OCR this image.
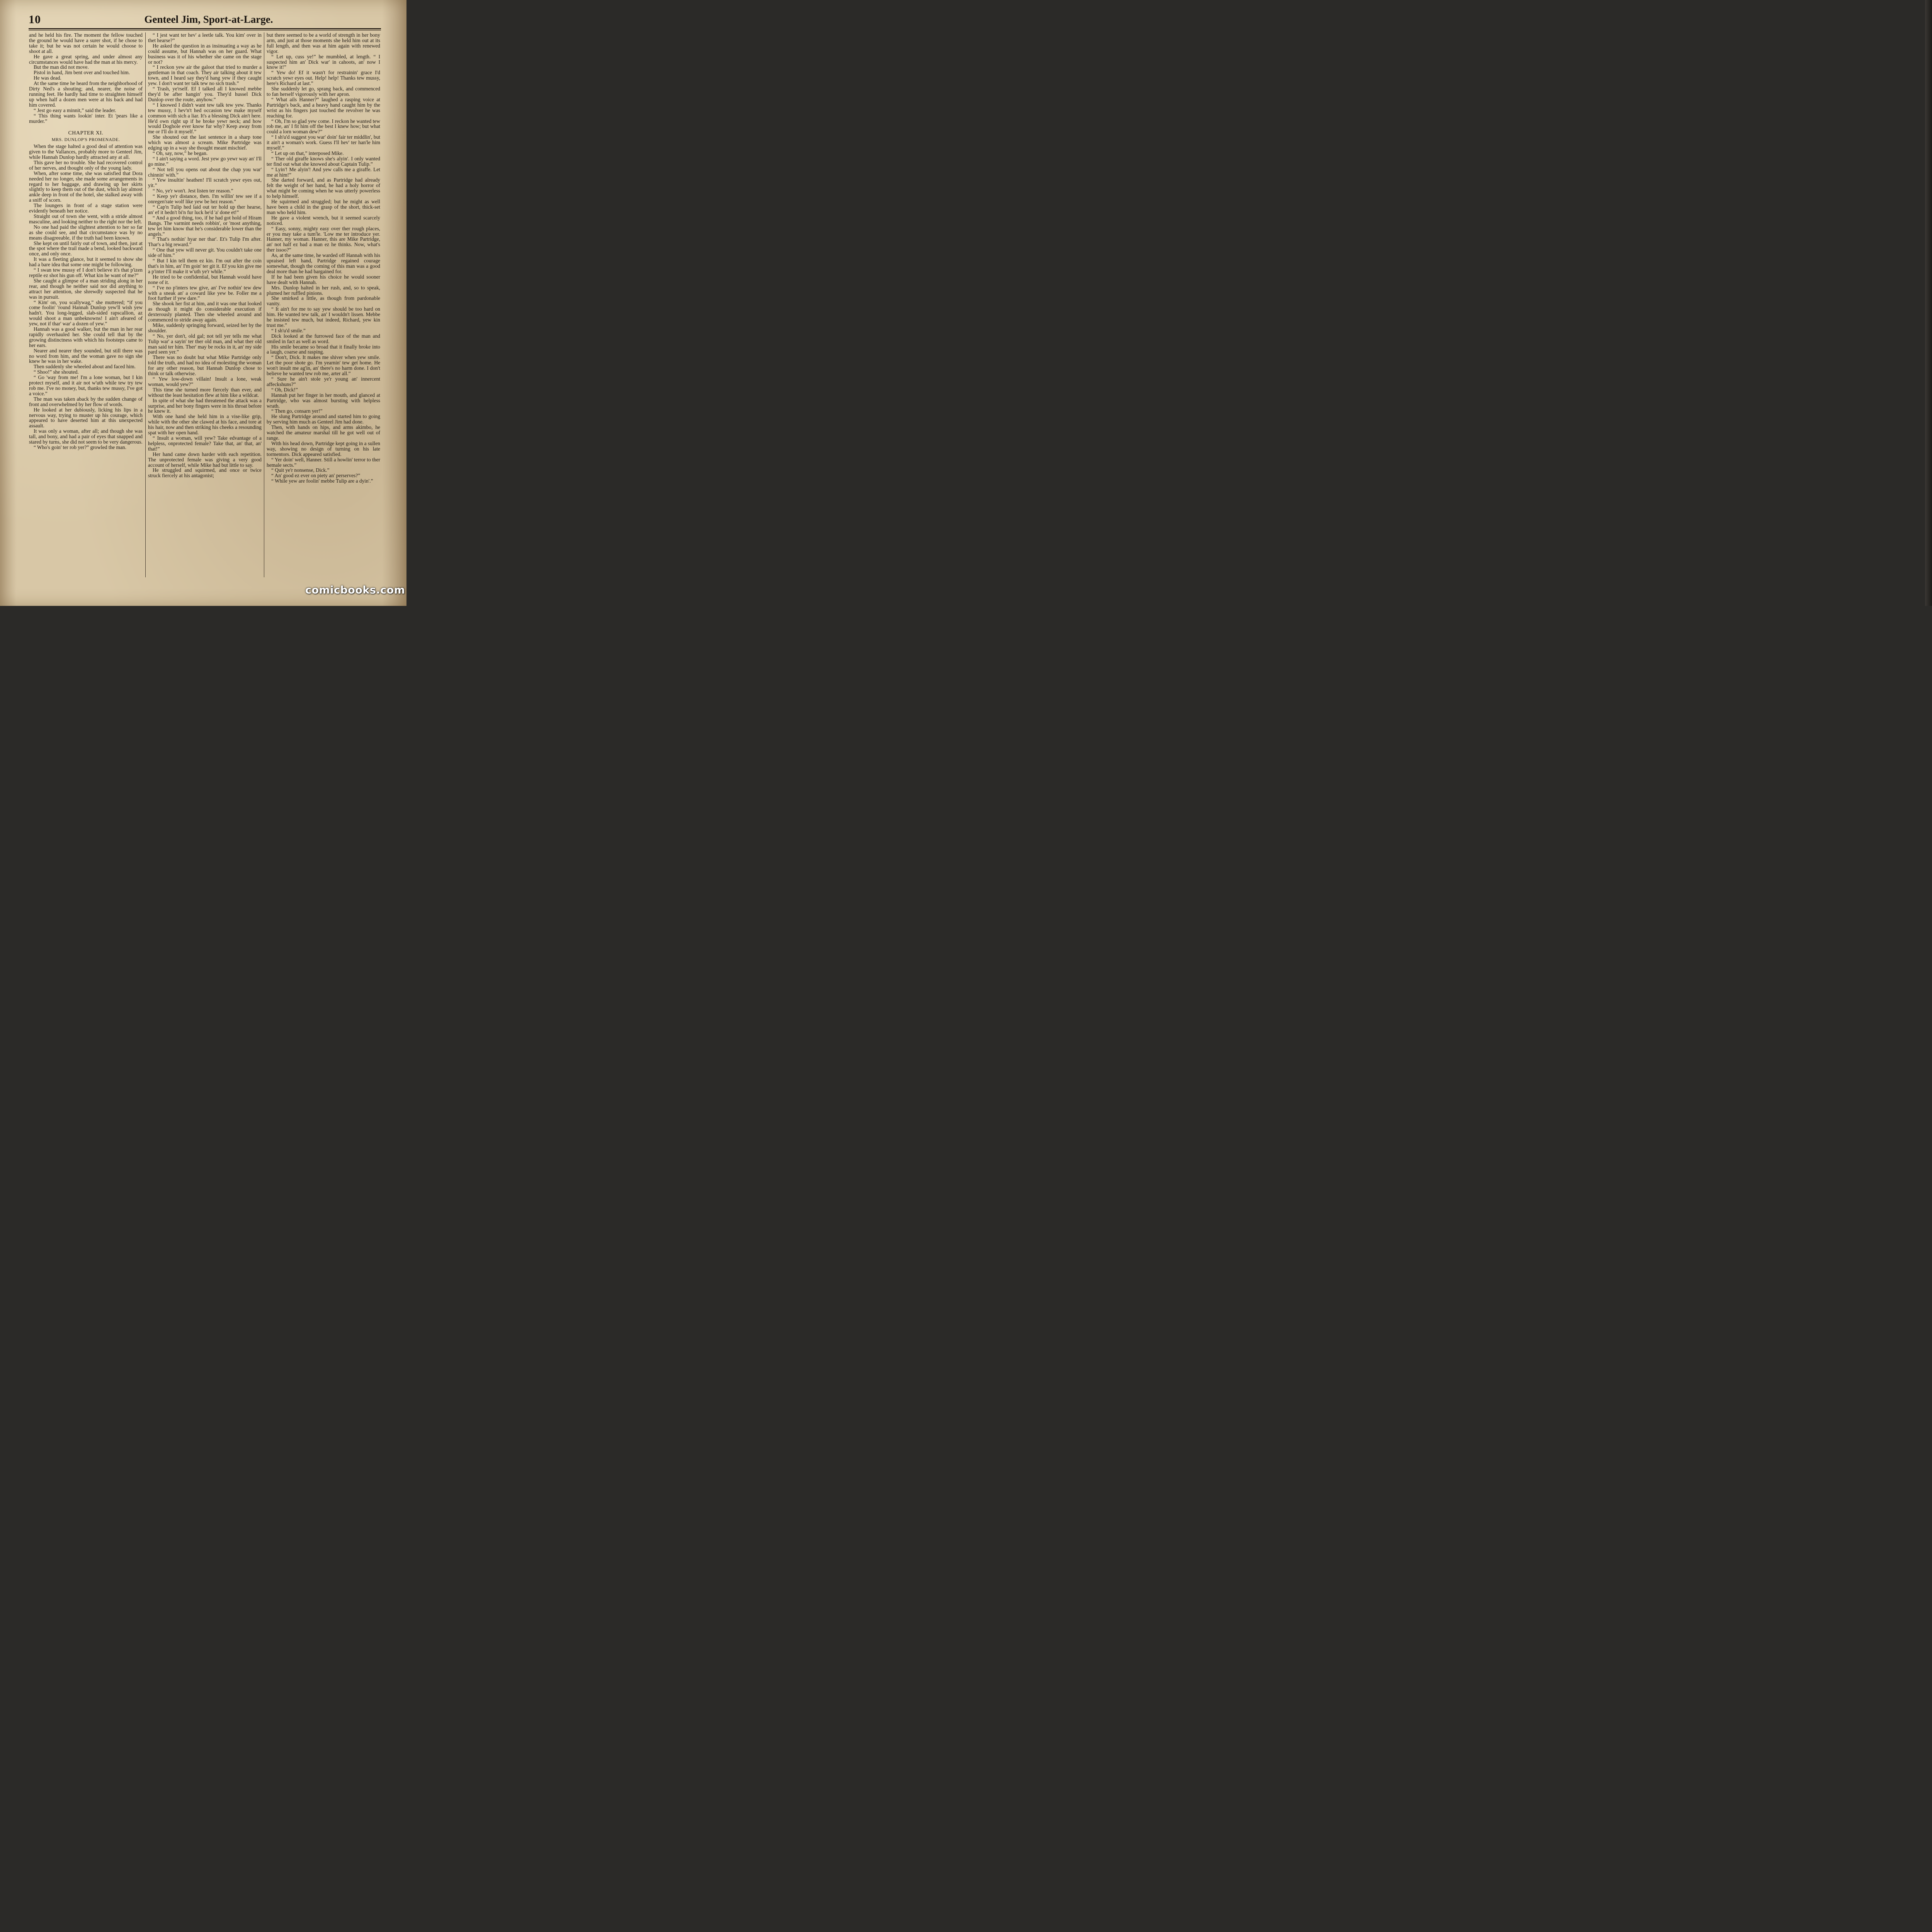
10	Genteel Jim, Sport-at-Large.

and he held his fire. The moment the fellow touched the ground he would have a surer shot, if he chose to take it; but he was not certain he would choose to shoot at all.

He gave a great spring, and under almost any circumstances would have had the man at his mercy.

But the man did not move.

Pistol in hand, Jim bent over and touched him.

He was dead.

At the same time he heard from the neighborhood of Dirty Ned's a shouting; and, nearer, the noise of running feet. He hardly had time to straighten himself up when half a dozen men were at his back and had him covered.

“ Jest go easy a minnit,” said the leader.

“ This thing wants lookin' inter. Et 'pears like a murder.”

CHAPTER XI.
MRS. DUNLOP'S PROMENADE.

When the stage halted a good deal of attention was given to the Vallances, probably more to Genteel Jim, while Hannah Dunlop hardly attracted any at all.

This gave her no trouble. She had recovered control of her nerves, and thought only of the young lady.

When, after some time, she was satisfied that Dora needed her no longer, she made some arrangements in regard to her baggage, and drawing up her skirts slightly to keep them out of the dust, which lay almost ankle deep in front of the hotel, she stalked away with a sniff of scorn.

The loungers in front of a stage station were evidently beneath her notice.

Straight out of town she went, with a stride almost masculine, and looking neither to the right nor the left.

No one had paid the slightest attention to her so far as she could see, and that circumstance was by no means disagreeable, if the truth had been known.

She kept on until fairly out of town, and then, just at the spot where the trail made a bend, looked backward once, and only once.

It was a fleeting glance, but it seemed to show she had a bare idea that some one might be following.

“ I swan tew mussy ef I don't believe it's that p'izen reptile ez shot his gun off. What kin he want of me?”

She caught a glimpse of a man striding along in her rear, and though he neither said nor did anything to attract her attention, she shrewdly suspected that he was in pursuit.

“ Kim' on, you scallywag,” she muttered; “if you come foolin' 'round Hannah Dunlop yew'll wish yew hadn't. You long-legged, slab-sided rapscallion, az would shoot a man unbeknowns! I ain't afeared of yew, not if thar' war' a dozen of yew.”

Hannah was a good walker, but the man in her rear rapidly overhauled her. She could tell that by the growing distinctness with which his footsteps came to her ears.

Nearer and nearer they sounded, but still there was no word from him, and the woman gave no sign she knew he was in her wake.

Then suddenly she wheeled about and faced him.

“ Shoo!” she shouted.

“ Go 'way from me! I'm a lone woman, but I kin protect myself, and it air not w'uth while tew try tew rob me. I've no money, but, thanks tew mussy, I've got a voice.”

The man was taken aback by the sudden change of front and overwhelmed by her flow of words.

He looked at her dubiously, licking his lips in a nervous way, trying to muster up his courage, which appeared to have deserted him at this unexpected assault.

It was only a woman, after all; and though she was tall, and bony, and had a pair of eyes that snapped and stared by turns, she did not seem to be very dangerous.

“ Who's goin' ter rob yer?” growled the man.

“ I jest want ter hev' a leetle talk. You kim' over in thet hearse?”

He asked the question in as insinuating a way as he could assume, but Hannah was on her guard. What business was it of his whether she came on the stage or not?

“ I reckon yew air the galoot that tried to murder a gentleman in that coach. They air talking about it tew town, and I heard say they'd hang yew if they caught yew. I don't want ter talk tew no sich trash.”

“ Trash, ye'rself. Ef I talked all I knowed mebbe they'd be after hangin' you. They'd hussel Dick Dunlop over the route, anyhow.”

“ I knowed I didn't want tew talk tew yew. Thanks tew mussy, I hev'n't hed occasion tew make myself common with sich a liar. It's a blessing Dick ain't here. He'd own right up if he broke yewr neck; and how would Doghole ever know fur why? Keep away from me or I'll do it myself.”

She shouted out the last sentence in a sharp tone which was almost a scream. Mike Partridge was edging up in a way she thought meant mischief.

“ Oh, say, now,” he began.

“ I ain't saying a word. Jest yew go yewr way an' I'll go mine.”

“ Not tell you opens out about the chap you war' chinnin' with.”

“ Yew insultin' heathen! I'll scratch yewr eyes out, yit.”

“ No, ye'r won't. Jest listen ter reason.”

“ Keep ye'r distance, then. I'm willin' tew see if a onregen'rate wolf like yew be hez reason.”

“ Cap'n Tulip hed laid out ter hold up ther hearse, an' ef it hedn't bi'n fur luck he'd 'a' done et!”

“ And a good thing, too, if he had got hold of Hiram Bangs. The varmint needs robbin', or 'most anything, tew let him know that he's considerable lower than the angels.”

“ That's nothin' hyar ner thar'. Et's Tulip I'm after. Thar's a big reward.”

“ One that yew will never git. You couldn't take one side of him.”

“ But I kin tell them ez kin. I'm out after the coin that's in him, an' I'm goin' ter git it. Ef you kin give me a p'inter I'll make it w'uth ye'r while.”

He tried to be confidential, but Hannah would have none of it.

“ I've no p'inters tew give, an' I've nothin' tew dew with a sneak an' a coward like yew be. Foller me a foot further if yew dare.”

She shook her fist at him, and it was one that looked as though it might do considerable execution if dexterously planted. Then she wheeled around and commenced to stride away again.

Mike, suddenly springing forward, seized her by the shoulder.

“ No, yer don't, old gal; not tell yer tells me what Tulip war' a sayin' ter ther old man, and what ther old man said ter him. Ther' may be rocks in it, an' my side pard seen yer.”

There was no doubt but what Mike Partridge only told the truth, and had no idea of molesting the woman for any other reason, but Hannah Dunlop chose to think or talk otherwise.

“ Yew low-down villain! Insult a lone, weak woman, would yew?”

This time she turned more fiercely than ever, and without the least hesitation flew at him like a wildcat.

In spite of what she had threatened the attack was a surprise, and her bony fingers were in his throat before he knew it.

With one hand she held him in a vise-like grip, while with the other she clawed at his face, and tore at his hair, now and then striking his cheeks a resounding spat with her open hand.

“ Insult a woman, will yew? Take edvantage of a helpless, onprotected female? Take that, an' that, an' that!”

Her hand came down harder with each repetition. The unprotected female was giving a very good account of herself, while Mike had but little to say.

He struggled and squirmed, and once or twice struck fiercely at his antagonist;

but there seemed to be a world of strength in her bony arm, and just at those moments she held him out at its full length, and then was at him again with renewed vigor.

“ Let up, cuss ye!” he mumbled, at length. “ I suspected him an' Dick war' in cahoots, an' now I know it!”

“ Yew do! Ef it wasn't for restrainin' grace I'd scratch yewr eyes out. Help! help! Thanks tew mussy, here's Richard at last.”

She suddenly let go, sprang back, and commenced to fan herself vigorously with her apron.

“ What ails Hanner?” laughed a rasping voice at Partridge's back, and a heavy hand caught him by the wrist as his fingers just touched the revolver he was reaching for.

“ Oh, I'm so glad yew come. I reckon he wanted tew rob me, an' I fit him off the best I knew how; but what could a lorn woman dew?”

“ I sh'u'd suggest you war' doin' fair ter middlin', but it ain't a woman's work. Guess I'll hev' ter han'le him myself.”

“ Let up on that,” interposed Mike.

“ Ther old giraffe knows she's alyin'. I only wanted ter find out what she knowed about Captain Tulip.”

“ Lyin'! Me alyin'! And yew calls me a giraffe. Let me at him!”

She darted forward, and as Partridge had already felt the weight of her hand, he had a holy horror of what might be coming when he was utterly powerless to help himself.

He squirmed and struggled; but he might as well have been a child in the grasp of the short, thick-set man who held him.

He gave a violent wrench, but it seemed scarcely noticed.

“ Easy, sonny, mighty easy over ther rough places, er you may take a tum'le. 'Low me ter introduce yer. Hanner, my woman. Hanner, this are Mike Partridge, an' not half ez bad a man ez he thinks. Now, what's ther issoo?”

As, at the same time, he warded off Hannah with his upraised left hand, Partridge regained courage somewhat, though the coming of this man was a good deal more than he had bargained for.

If he had been given his choice he would sooner have dealt with Hannah.

Mrs. Dunlop halted in her rush, and, so to speak, plumed her ruffled pinions.

She smirked a little, as though from pardonable vanity.

“ It ain't for me to say yew should be too hard on him. He wanted tew talk, an' I wouldn't lissen. Mebbe he insisted tew much, but indeed, Richard, yew kin trust me.”

“ I sh'u'd smile.”

Dick looked at the furrowed face of the man and smiled in fact as well as word.

His smile became so broad that it finally broke into a laugh, coarse and rasping.

“ Don't, Dick. It makes me shiver when yew smile. Let the poor shote go. I'm yearnin' tew get home. He won't insult me ag'in, an' there's no harm done. I don't believe he wanted tew rob me, arter all.”

“ Sure he ain't stole ye'r young an' innercent affeckshuns?”

“ Oh, Dick!”

Hannah put her finger in her mouth, and glanced at Partridge, who was almost bursting with helpless wrath.

“ Then go, consarn yer!”

He slung Partridge around and started him to going by serving him much as Genteel Jim had done.

Then, with hands on hips, and arms akimbo, he watched the amateur marshal till he got well out of range.

With his head down, Partridge kept going in a sullen way, showing no design of turning on his late tormentors. Dick appeared satisfied.

“ Yer doin' well, Hanner. Still a howlin' terror to ther hemale sects.”

“ Quit ye'r nonsense, Dick.”

“ An' good ez ever on piety an' perserves?”

“ While yew are foolin' mebbe Tulip are a dyin'.”

comicbooks.com
